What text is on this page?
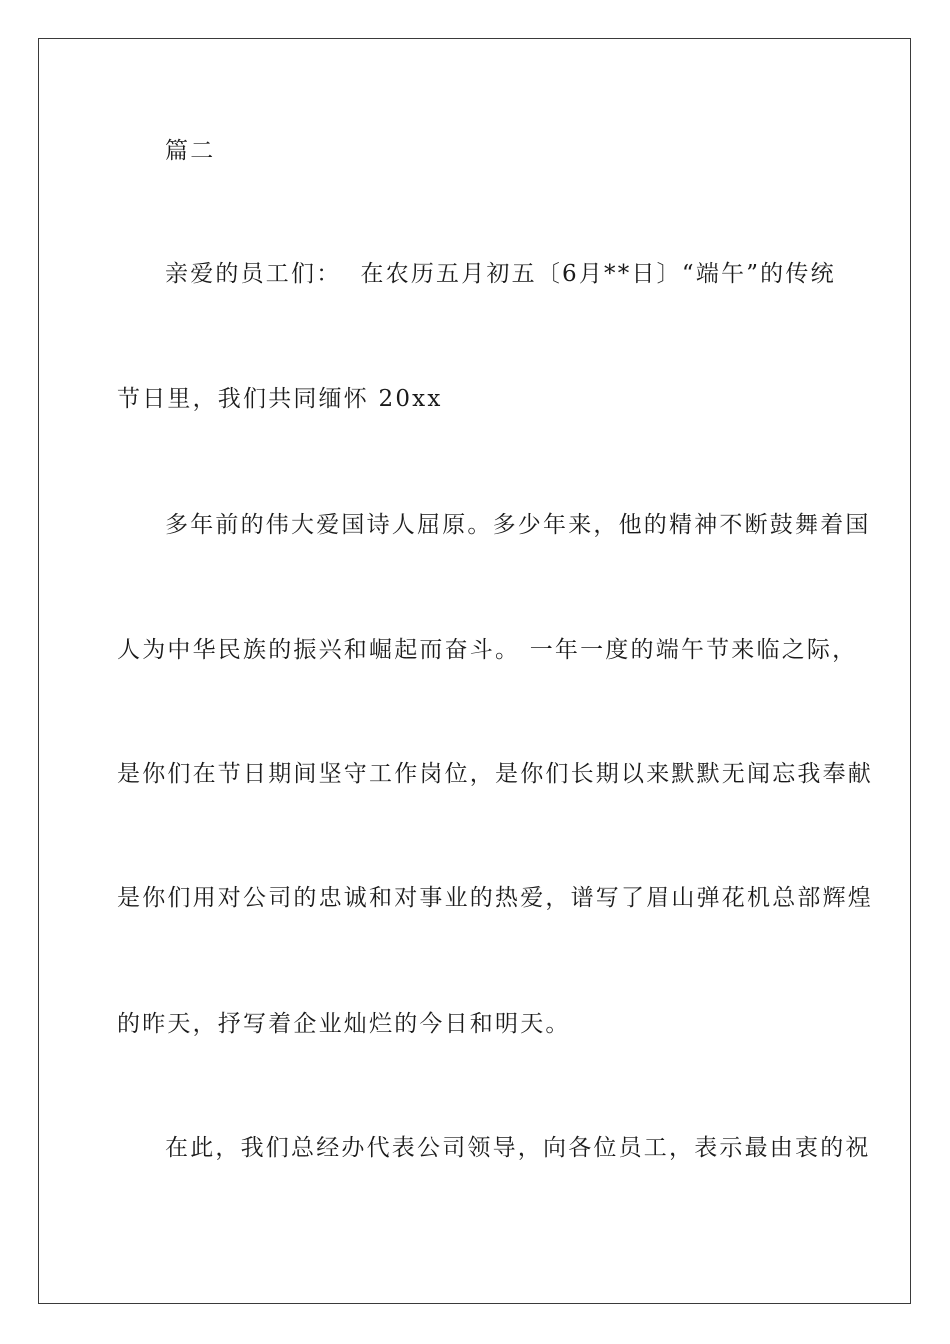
篇二
亲爱的员工们：  在农历五月初五〔6月**日〕“端午”的传统
节日里，我们共同缅怀 20xx
多年前的伟大爱国诗人屈原。多少年来，他的精神不断鼓舞着国
人为中华民族的振兴和崛起而奋斗。 一年一度的端午节来临之际，
是你们在节日期间坚守工作岗位，是你们长期以来默默无闻忘我奉献
是你们用对公司的忠诚和对事业的热爱，谱写了眉山弹花机总部辉煌
的昨天，抒写着企业灿烂的今日和明天。
在此，我们总经办代表公司领导，向各位员工，表示最由衷的祝
